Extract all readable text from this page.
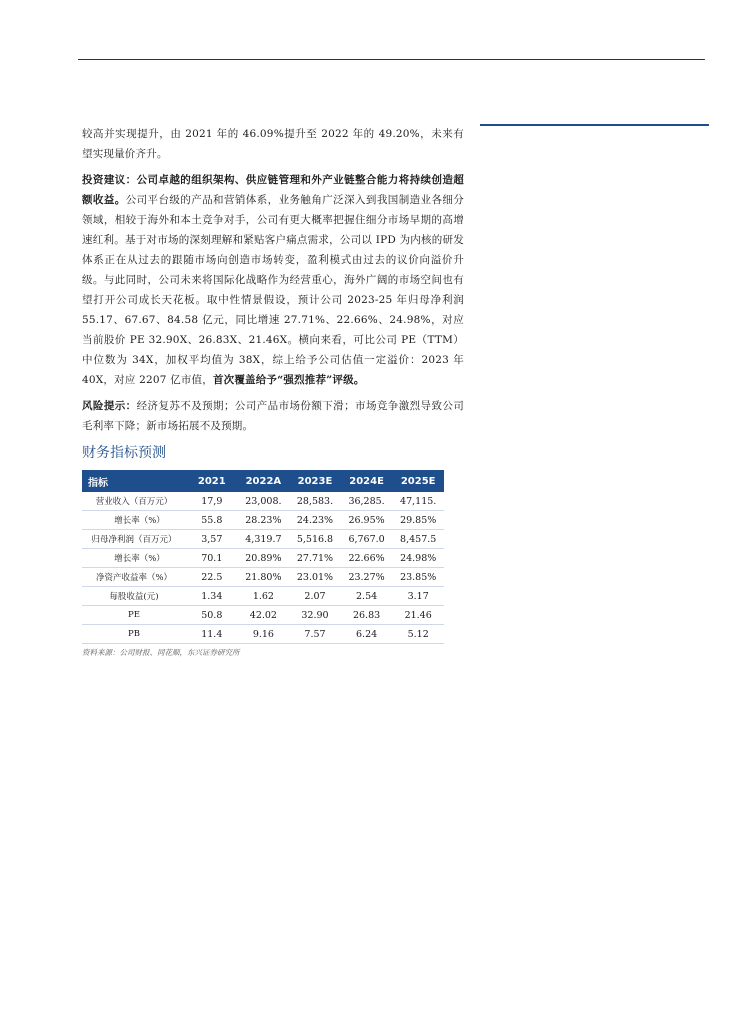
较高并实现提升，由 2021 年的 46.09%提升至 2022 年的 49.20%，未来有望实现量价齐升。

投资建议：公司卓越的组织架构、供应链管理和外产业链整合能力将持续创造超额收益。公司平台级的产品和营销体系，业务触角广泛深入到我国制造业各细分领域，相较于海外和本土竞争对手，公司有更大概率把握住细分市场早期的高增速红利。基于对市场的深刻理解和紧贴客户痛点需求，公司以 IPD 为内核的研发体系正在从过去的跟随市场向创造市场转变，盈利模式由过去的议价向溢价升级。与此同时，公司未来将国际化战略作为经营重心，海外广阔的市场空间也有望打开公司成长天花板。取中性情景假设，预计公司 2023-25 年归母净利润 55.17、67.67、84.58 亿元，同比增速 27.71%、22.66%、24.98%，对应当前股价 PE 32.90X、26.83X、21.46X。横向来看，可比公司 PE（TTM）中位数为 34X，加权平均值为 38X，综上给予公司估值一定溢价：2023 年 40X，对应 2207 亿市值，首次覆盖给予“强烈推荐”评级。

风险提示：经济复苏不及预期；公司产品市场份额下滑；市场竞争激烈导致公司毛利率下降；新市场拓展不及预期。

财务指标预测
指标	2021	2022A	2023E	2024E	2025E
营业收入（百万元）	17,9	23,008.	28,583.	36,285.	47,115.
增长率（%）	55.8	28.23%	24.23%	26.95%	29.85%
归母净利润（百万元）	3,57	4,319.7	5,516.8	6,767.0	8,457.5
增长率（%）	70.1	20.89%	27.71%	22.66%	24.98%
净资产收益率（%）	22.5	21.80%	23.01%	23.27%	23.85%
每股收益(元)	1.34	1.62	2.07	2.54	3.17
PE	50.8	42.02	32.90	26.83	21.46
PB	11.4	9.16	7.57	6.24	5.12
资料来源：公司财报、同花顺，东兴证券研究所
